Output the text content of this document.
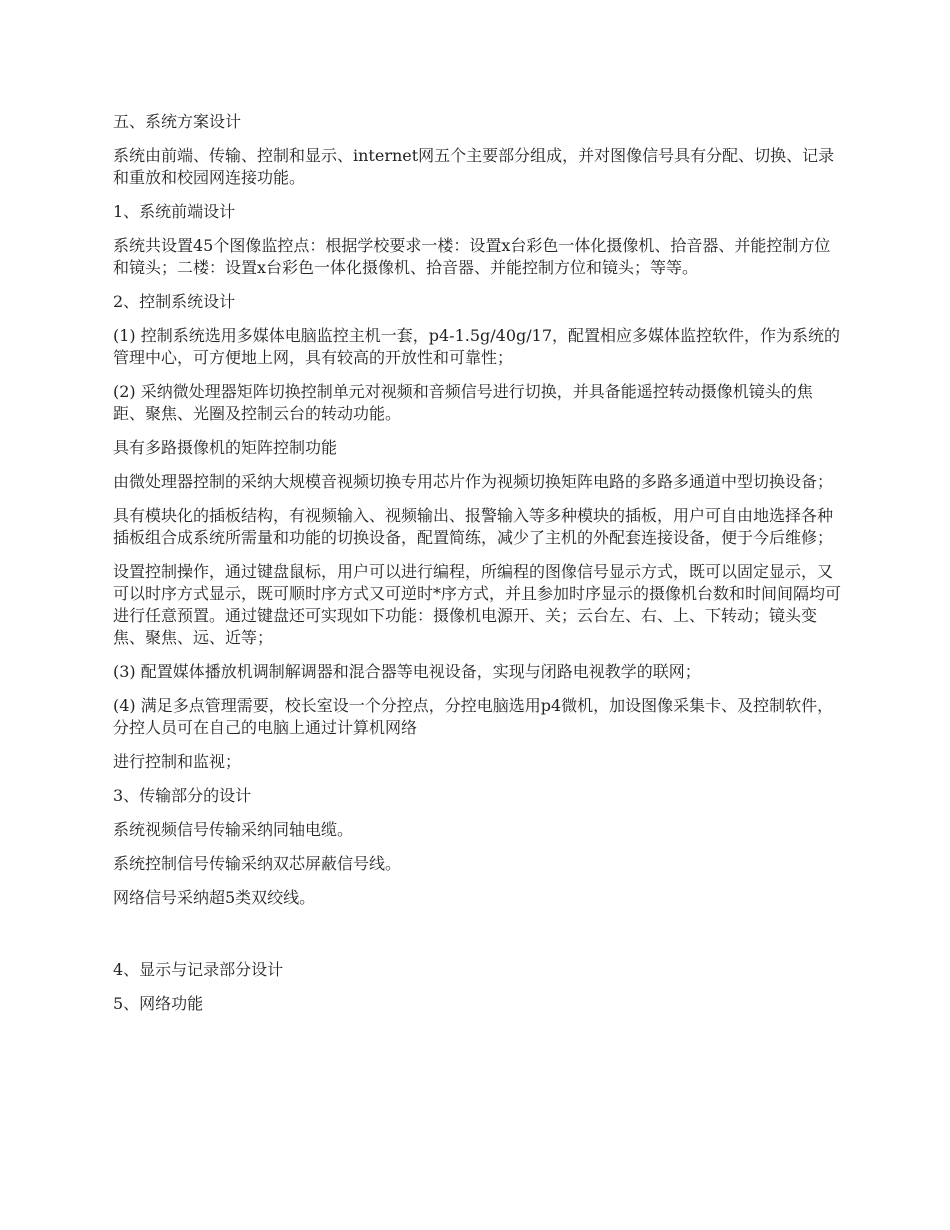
五、系统方案设计

系统由前端、传输、控制和显示、internet网五个主要部分组成，并对图像信号具有分配、切换、记录和重放和校园网连接功能。

1、系统前端设计

系统共设置45个图像监控点：根据学校要求一楼：设置x台彩色一体化摄像机、拾音器、并能控制方位和镜头；二楼：设置x台彩色一体化摄像机、拾音器、并能控制方位和镜头；等等。

2、控制系统设计

(1) 控制系统选用多媒体电脑监控主机一套，p4-1.5g/40g/17，配置相应多媒体监控软件，作为系统的管理中心，可方便地上网，具有较高的开放性和可靠性；

(2) 采纳微处理器矩阵切换控制单元对视频和音频信号进行切换，并具备能遥控转动摄像机镜头的焦距、聚焦、光圈及控制云台的转动功能。

具有多路摄像机的矩阵控制功能

由微处理器控制的采纳大规模音视频切换专用芯片作为视频切换矩阵电路的多路多通道中型切换设备；

具有模块化的插板结构，有视频输入、视频输出、报警输入等多种模块的插板，用户可自由地选择各种插板组合成系统所需量和功能的切换设备，配置简练，减少了主机的外配套连接设备，便于今后维修；

设置控制操作，通过键盘鼠标，用户可以进行编程，所编程的图像信号显示方式，既可以固定显示，又可以时序方式显示，既可顺时序方式又可逆时*序方式，并且参加时序显示的摄像机台数和时间间隔均可进行任意预置。通过键盘还可实现如下功能：摄像机电源开、关；云台左、右、上、下转动；镜头变焦、聚焦、远、近等；

(3) 配置媒体播放机调制解调器和混合器等电视设备，实现与闭路电视教学的联网；

(4) 满足多点管理需要，校长室设一个分控点，分控电脑选用p4微机，加设图像采集卡、及控制软件，分控人员可在自己的电脑上通过计算机网络

进行控制和监视；

3、传输部分的设计

系统视频信号传输采纳同轴电缆。

系统控制信号传输采纳双芯屏蔽信号线。

网络信号采纳超5类双绞线。

4、显示与记录部分设计

5、网络功能
